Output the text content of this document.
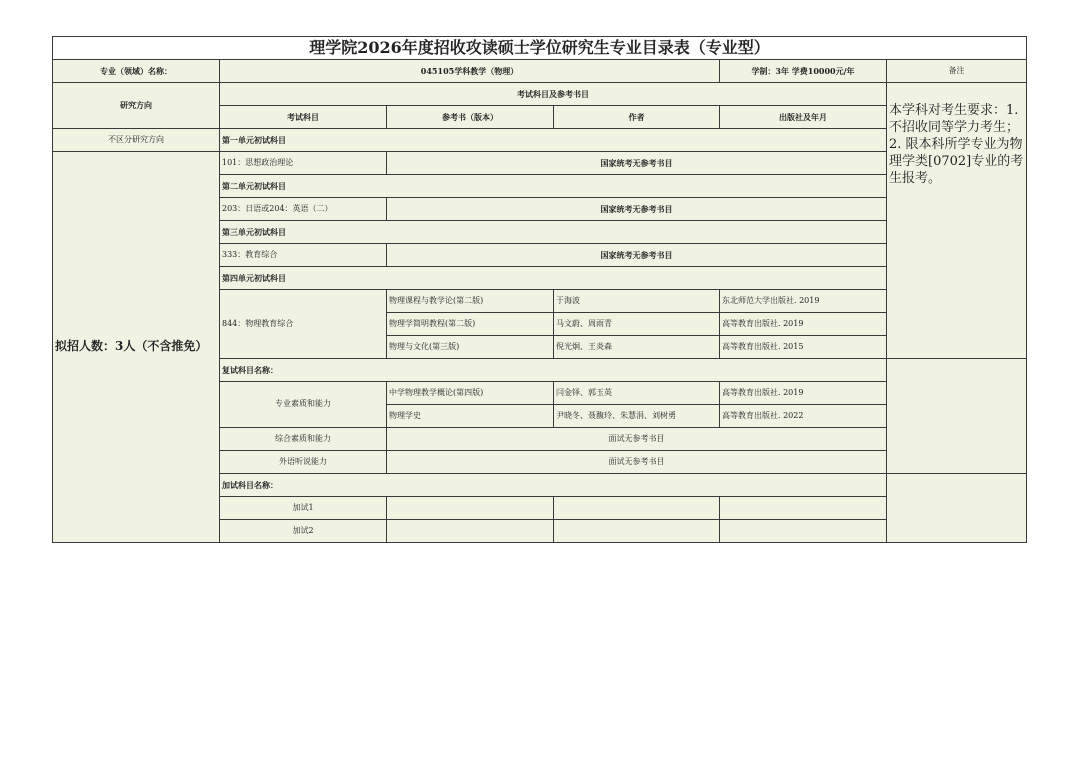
理学院2026年度招收攻读硕士学位研究生专业目录表（专业型）					
专业（领域）名称：	045105学科教学（物理）			学制：3年 学费10000元/年	备注
研究方向	考试科目及参考书目				本学科对考生要求：1. 不招收同等学力考生；2. 限本科所学专业为物理学类[0702]专业的考生报考。
	考试科目	参考书（版本）	作者	出版社及年月	
不区分研究方向	第一单元初试科目				
拟招人数：3人（不含推免）	101：思想政治理论	国家统考无参考书目			
	第二单元初试科目				
	203：日语或204：英语（二）	国家统考无参考书目			
	第三单元初试科目				
	333：教育综合	国家统考无参考书目			
	第四单元初试科目				
	844：物理教育综合	物理课程与教学论(第二版)	于海波	东北师范大学出版社. 2019	
		物理学简明教程(第二版)	马文蔚、周雨青	高等教育出版社. 2019	
		物理与文化(第三版)	倪光炯、王炎森	高等教育出版社. 2015	
	复试科目名称：				
	专业素质和能力	中学物理教学概论(第四版)	闫金铎、郭玉英	高等教育出版社. 2019	
		物理学史	尹晓冬、聂馥玲、朱慧涓、刘树勇	高等教育出版社. 2022	
	综合素质和能力	面试无参考书目			
	外语听说能力	面试无参考书目			
	加试科目名称：				
	加试1				
	加试2				
